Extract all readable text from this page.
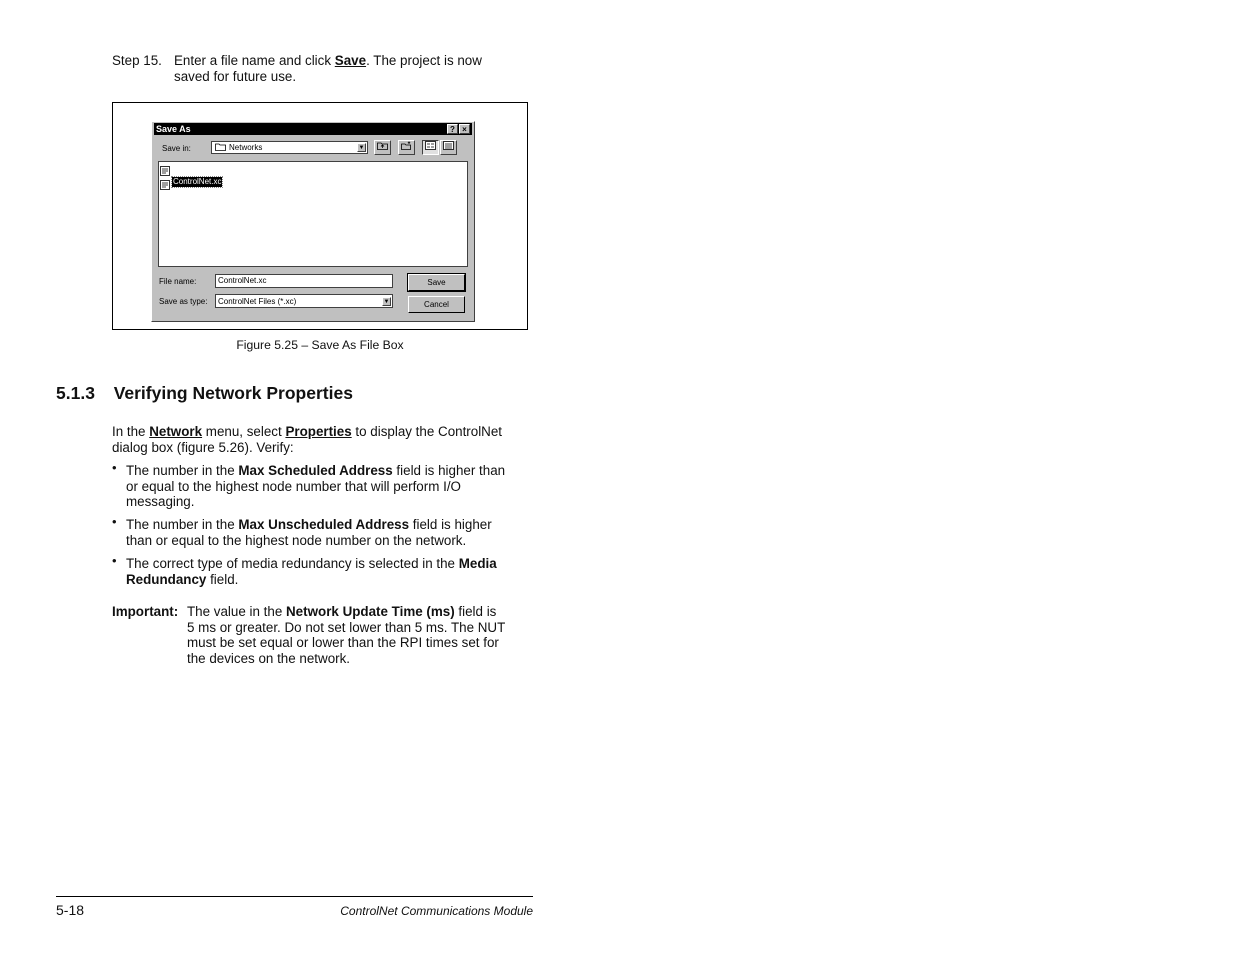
Step 15. Enter a file name and click Save. The project is now
saved for future use.
Save As	? ×
Save in:	Networks	▼
ControlNet.xc
File name:	ControlNet.xc	Save
Save as type: ControlNet Files (*.xc)	▼	Cancel
Figure 5.25 – Save As File Box
5.1.3 Verifying Network Properties
In the Network menu, select Properties to display the ControlNet
dialog box (figure 5.26). Verify:
• The number in the Max Scheduled Address field is higher than
or equal to the highest node number that will perform I/O
messaging.
• The number in the Max Unscheduled Address field is higher
than or equal to the highest node number on the network.
• The correct type of media redundancy is selected in the Media
Redundancy field.
Important: The value in the Network Update Time (ms) field is
5 ms or greater. Do not set lower than 5 ms. The NUT
must be set equal or lower than the RPI times set for
the devices on the network.
5-18	ControlNet Communications Module
